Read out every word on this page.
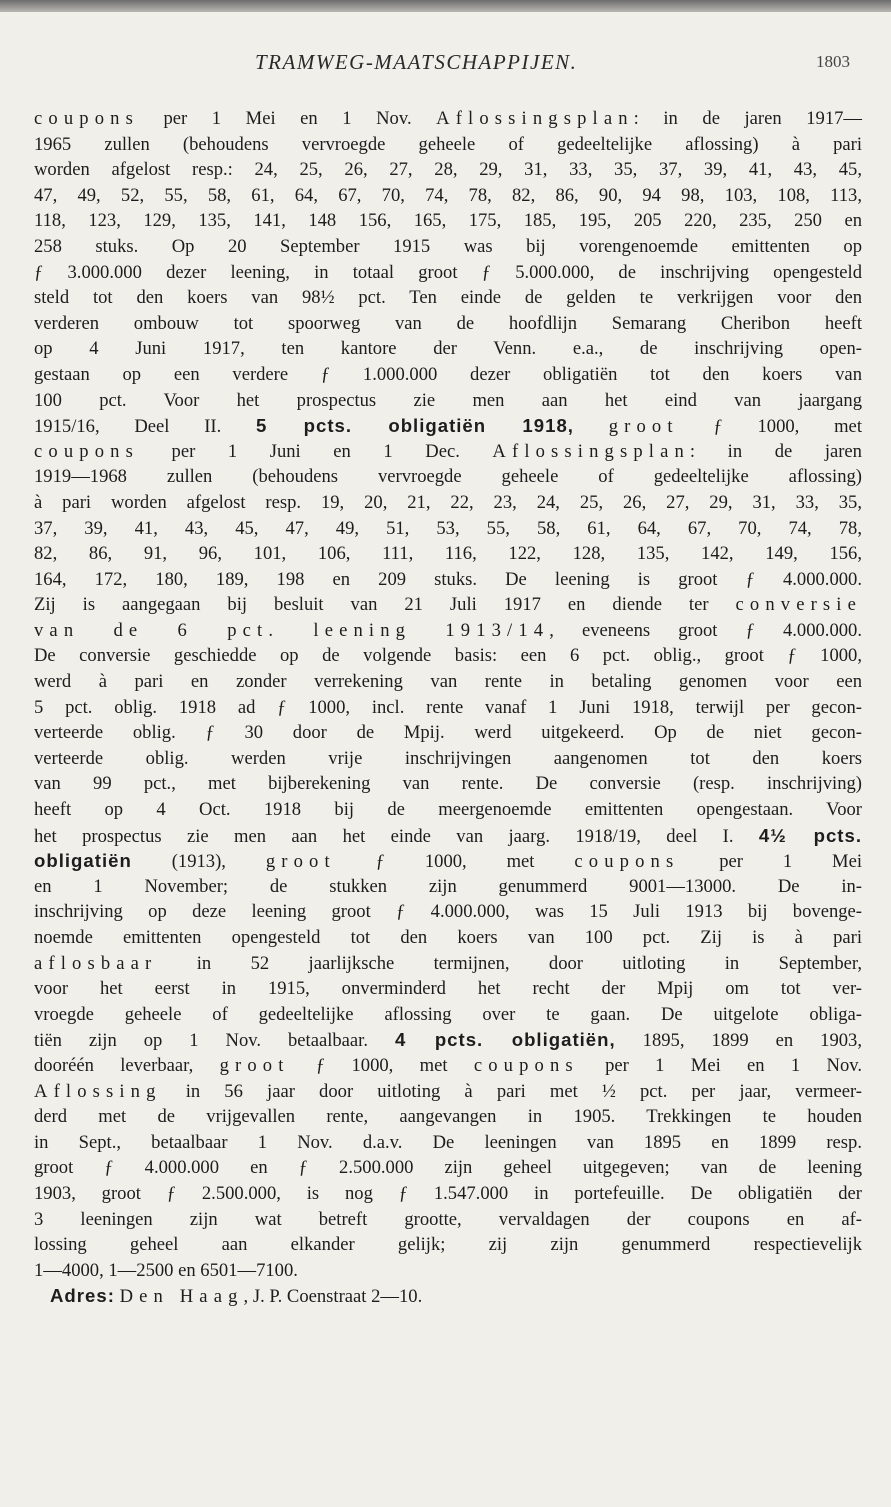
TRAMWEG-MAATSCHAPPIJEN.	1803
coupons per 1 Mei en 1 Nov. Aflossingsplan: in de jaren 1917—
1965 zullen (behoudens vervroegde geheele of gedeeltelijke aflossing) à pari
worden afgelost resp.: 24, 25, 26, 27, 28, 29, 31, 33, 35, 37, 39, 41, 43, 45,
47, 49, 52, 55, 58, 61, 64, 67, 70, 74, 78, 82, 86, 90, 94 98, 103, 108, 113,
118, 123, 129, 135, 141, 148 156, 165, 175, 185, 195, 205 220, 235, 250 en
258 stuks. Op 20 September 1915 was bij vorengenoemde emittenten op
ƒ 3.000.000 dezer leening, in totaal groot ƒ 5.000.000, de inschrijving opengesteld
steld tot den koers van 98½ pct. Ten einde de gelden te verkrijgen voor den
verderen ombouw tot spoorweg van de hoofdlijn Semarang Cheribon heeft
op 4 Juni 1917, ten kantore der Venn. e.a., de inschrijving open-
gestaan op een verdere ƒ 1.000.000 dezer obligatiën tot den koers van
100 pct. Voor het prospectus zie men aan het eind van jaargang
1915/16, Deel II. 5 pcts. obligatiën 1918, groot ƒ 1000, met
coupons per 1 Juni en 1 Dec. Aflossingsplan: in de jaren
1919—1968 zullen (behoudens vervroegde geheele of gedeeltelijke aflossing)
à pari worden afgelost resp. 19, 20, 21, 22, 23, 24, 25, 26, 27, 29, 31, 33, 35,
37, 39, 41, 43, 45, 47, 49, 51, 53, 55, 58, 61, 64, 67, 70, 74, 78,
82, 86, 91, 96, 101, 106, 111, 116, 122, 128, 135, 142, 149, 156,
164, 172, 180, 189, 198 en 209 stuks. De leening is groot ƒ 4.000.000.
Zij is aangegaan bij besluit van 21 Juli 1917 en diende ter conversie
van de 6 pct. leening 1913/14, eveneens groot ƒ 4.000.000.
De conversie geschiedde op de volgende basis: een 6 pct. oblig., groot ƒ 1000,
werd à pari en zonder verrekening van rente in betaling genomen voor een
5 pct. oblig. 1918 ad ƒ 1000, incl. rente vanaf 1 Juni 1918, terwijl per gecon-
verteerde oblig. ƒ 30 door de Mpij. werd uitgekeerd. Op de niet gecon-
verteerde oblig. werden vrije inschrijvingen aangenomen tot den koers
van 99 pct., met bijberekening van rente. De conversie (resp. inschrijving)
heeft op 4 Oct. 1918 bij de meergenoemde emittenten opengestaan. Voor
het prospectus zie men aan het einde van jaarg. 1918/19, deel I. 4½ pcts.
obligatiën (1913), groot ƒ 1000, met coupons per 1 Mei
en 1 November; de stukken zijn genummerd 9001—13000. De in-
inschrijving op deze leening groot ƒ 4.000.000, was 15 Juli 1913 bij bovenge-
noemde emittenten opengesteld tot den koers van 100 pct. Zij is à pari
aflosbaar in 52 jaarlijksche termijnen, door uitloting in September,
voor het eerst in 1915, onverminderd het recht der Mpij om tot ver-
vroegde geheele of gedeeltelijke aflossing over te gaan. De uitgelote obliga-
tiën zijn op 1 Nov. betaalbaar. 4 pcts. obligatiën, 1895, 1899 en 1903,
dooréén leverbaar, groot ƒ 1000, met coupons per 1 Mei en 1 Nov.
Aflossing in 56 jaar door uitloting à pari met ½ pct. per jaar, vermeer-
derd met de vrijgevallen rente, aangevangen in 1905. Trekkingen te houden
in Sept., betaalbaar 1 Nov. d.a.v. De leeningen van 1895 en 1899 resp.
groot ƒ 4.000.000 en ƒ 2.500.000 zijn geheel uitgegeven; van de leening
1903, groot ƒ 2.500.000, is nog ƒ 1.547.000 in portefeuille. De obligatiën der
3 leeningen zijn wat betreft grootte, vervaldagen der coupons en af-
lossing geheel aan elkander gelijk; zij zijn genummerd respectievelijk
1—4000, 1—2500 en 6501—7100.
Adres: Den Haag, J. P. Coenstraat 2—10.
